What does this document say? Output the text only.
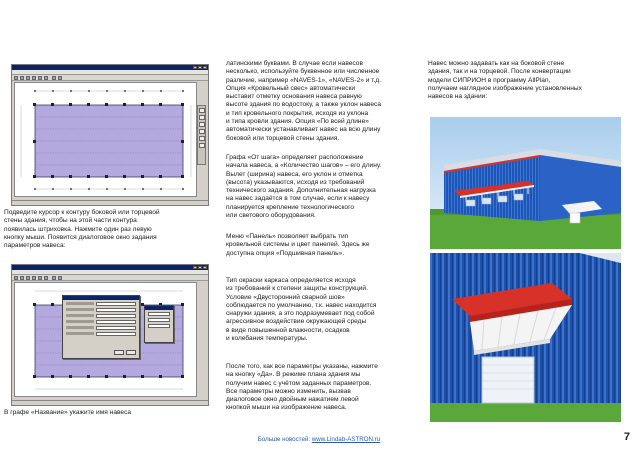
Подведите курсор к контуру боковой или торцевой
стены здания, чтобы на этой части контура
появилась штриховка. Нажмите один раз левую
кнопку мыши. Появится диалоговое окно задания
параметров навеса:
В графе «Название» укажите имя навеса
латинскими буквами. В случае если навесов
несколько, используйте буквенное или численное
различие, например «NAVES-1», «NAVES-2» и т.д.
Опция «Кровельный свес» автоматически
выставит отметку основания навеса равную
высоте здания по водостоку, а также уклон навеса
и тип кровельного покрытия, исходя из уклона
и типа кровли здания. Опция «По всей длине»
автоматически устанавливает навес на всю длину
боковой или торцевой стены здания.
Графа «От шага» определяет расположение
начала навеса, а «Количество шагов» – его длину.
Вылет (ширина) навеса, его уклон и отметка
(высота) указываются, исходя из требований
технического задания. Дополнительная нагрузка
на навес задаётся в том случае, если к навесу
планируется крепление технологического
или светового оборудования.
Меню «Панель» позволяет выбрать тип
кровельной системы и цвет панелей. Здесь же
доступна опция «Подшивная панель».
Тип окраски каркаса определяется исходя
из требований к степени защиты конструкций.
Условие «Двусторонний сварной шов»
соблюдается по умолчанию, т.к. навес находится
снаружи здания, а это подразумевает под собой
агрессивное воздействие окружающей среды
в виде повышенной влажности, осадков
и колебания температуры.
После того, как все параметры указаны, нажмите
на кнопку «Да». В режиме плана здания мы
получим навес с учётом заданных параметров.
Все параметры можно изменить, вызвав
диалоговое окно двойным нажатием левой
кнопкой мыши на изображение навеса.
Навес можно задавать как на боковой стене
здания, так и на торцевой. После конвертации
модели СИПРИОН в программу AllPlan,
получаем наглядное изображение установленных
навесов на здании:
Больше новостей: www.Lindab-ASTRON.ru	7
